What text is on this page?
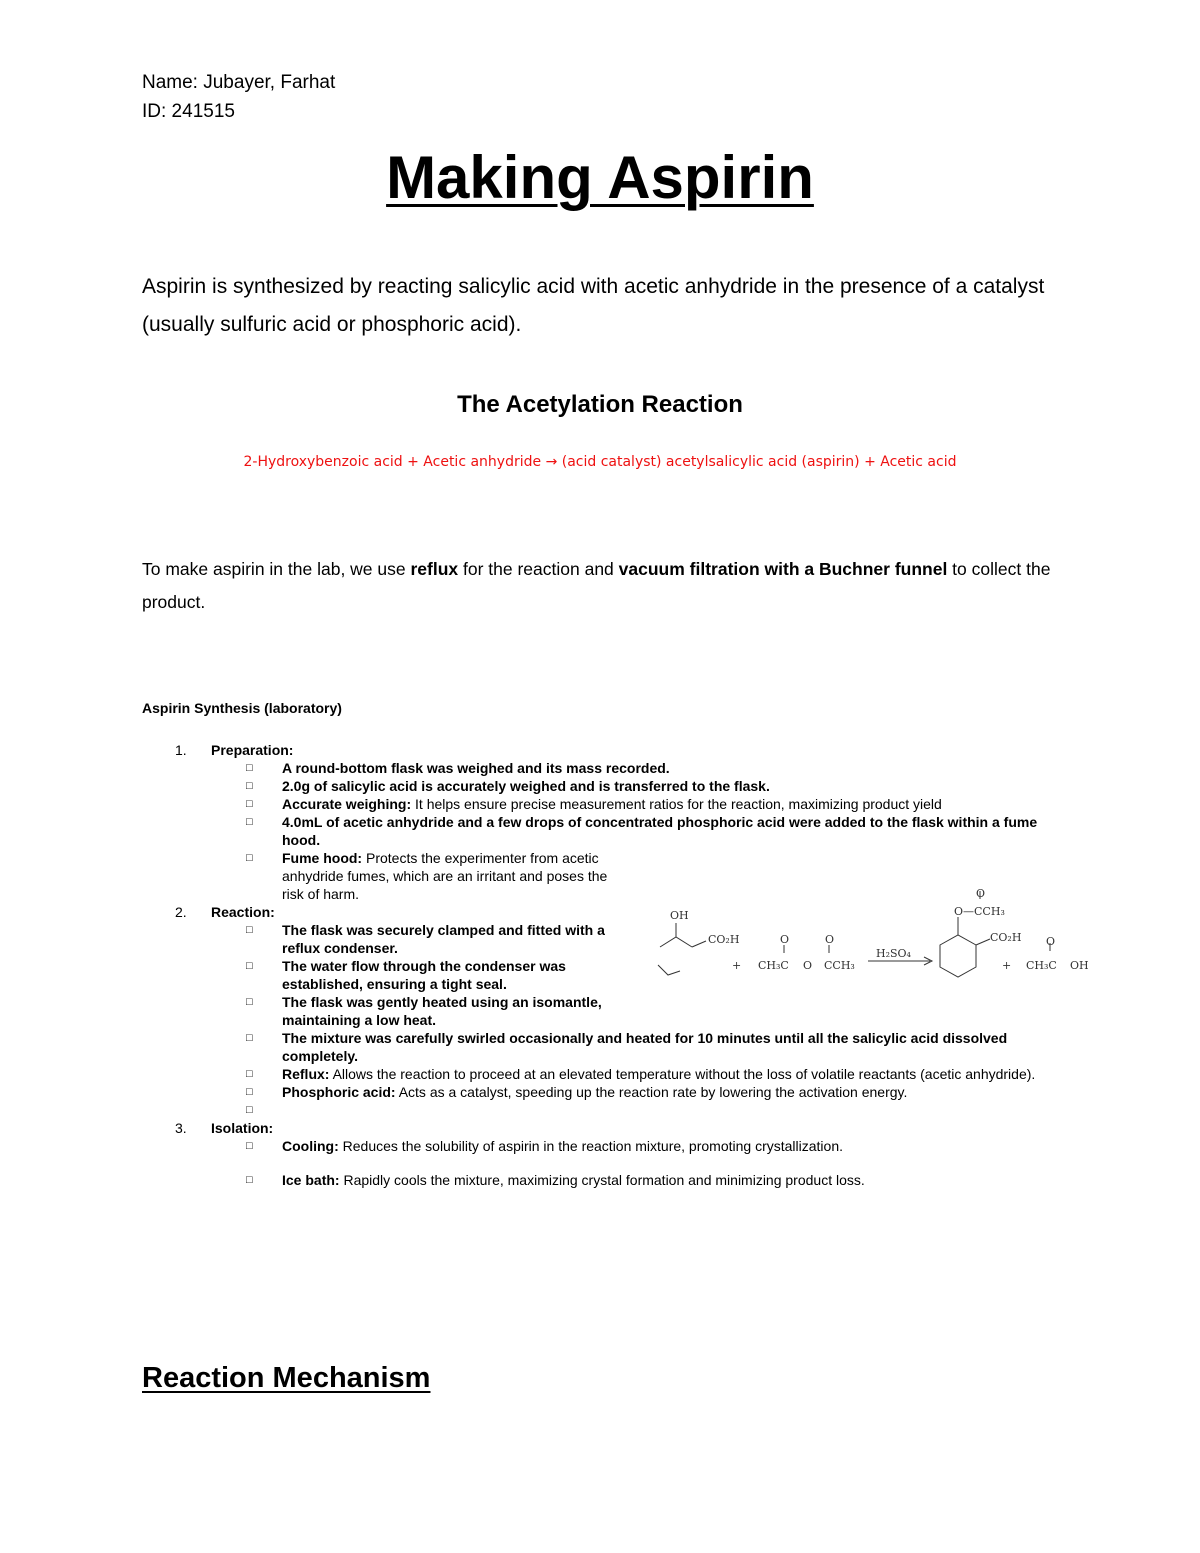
Name: Jubayer, Farhat
ID: 241515
Making Aspirin
Aspirin is synthesized by reacting salicylic acid with acetic anhydride in the presence of a catalyst (usually sulfuric acid or phosphoric acid).
The Acetylation Reaction
2-Hydroxybenzoic acid + Acetic anhydride → (acid catalyst) acetylsalicylic acid (aspirin) + Acetic acid
To make aspirin in the lab, we use reflux for the reaction and vacuum filtration with a Buchner funnel to collect the product.
Aspirin Synthesis (laboratory)
1. Preparation:
□ A round-bottom flask was weighed and its mass recorded.
□ 2.0g of salicylic acid is accurately weighed and is transferred to the flask.
□ Accurate weighing: It helps ensure precise measurement ratios for the reaction, maximizing product yield
□ 4.0mL of acetic anhydride and a few drops of concentrated phosphoric acid were added to the flask within a fume hood.
□ Fume hood: Protects the experimenter from acetic anhydride fumes, which are an irritant and poses the risk of harm.
2. Reaction:
□ The flask was securely clamped and fitted with a reflux condenser.
□ The water flow through the condenser was established, ensuring a tight seal.
□ The flask was gently heated using an isomantle, maintaining a low heat.
□ The mixture was carefully swirled occasionally and heated for 10 minutes until all the salicylic acid dissolved completely.
□ Reflux: Allows the reaction to proceed at an elevated temperature without the loss of volatile reactants (acetic anhydride).
□ Phosphoric acid: Acts as a catalyst, speeding up the reaction rate by lowering the activation energy.
□

3. Isolation:
□ Cooling: Reduces the solubility of aspirin in the reaction mixture, promoting crystallization.
□ Ice bath: Rapidly cools the mixture, maximizing crystal formation and minimizing product loss.
OH
CO₂H
+
O
CH₃C O
O
CCH₃
H₂SO₄
O
O—CCH₃
CO₂H
+
O
CH₃C OH
Reaction Mechanism
